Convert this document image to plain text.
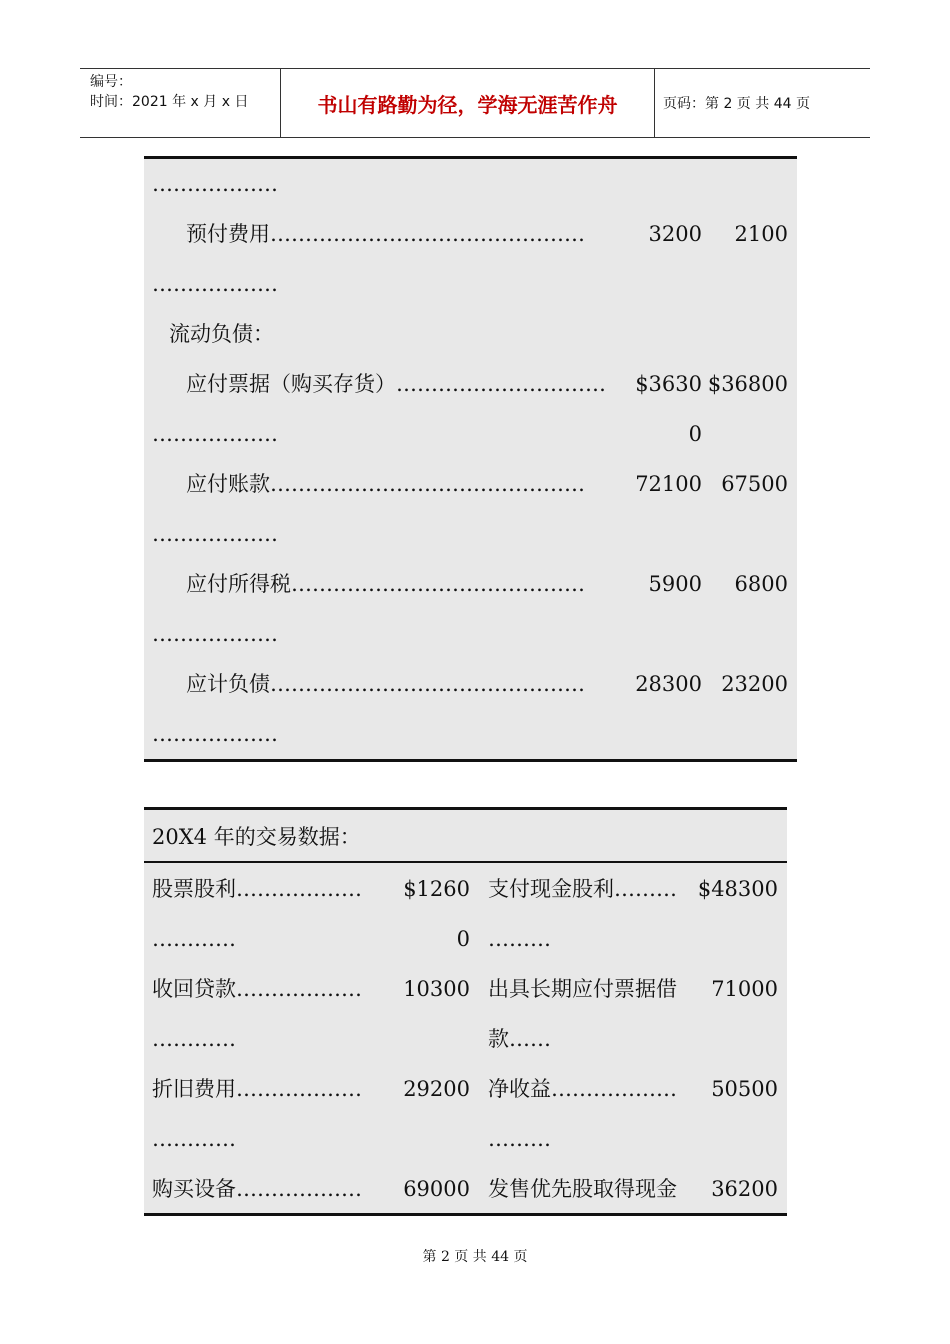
编号：
时间：2021 年 x 月 x 日	书山有路勤为径，学海无涯苦作舟	页码：第 2 页 共 44 页
………………
预付费用………………………………………	3200	2100
………………
流动负债：
应付票据（购买存货）…………………………	$3630 $36800
………………	0
应付账款………………………………………	72100 67500
………………
应付所得税……………………………………	5900	6800
………………
应计负债………………………………………	28300 23200
………………
20X4 年的交易数据：
股票股利………………	$1260 支付现金股利……… $48300
…………	0 ………
收回贷款………………	10300 出具长期应付票据借	71000
…………	款……
折旧费用………………	29200 净收益………………	50500
…………	………
购买设备………………	69000 发售优先股取得现金	36200
第 2 页 共 44 页
